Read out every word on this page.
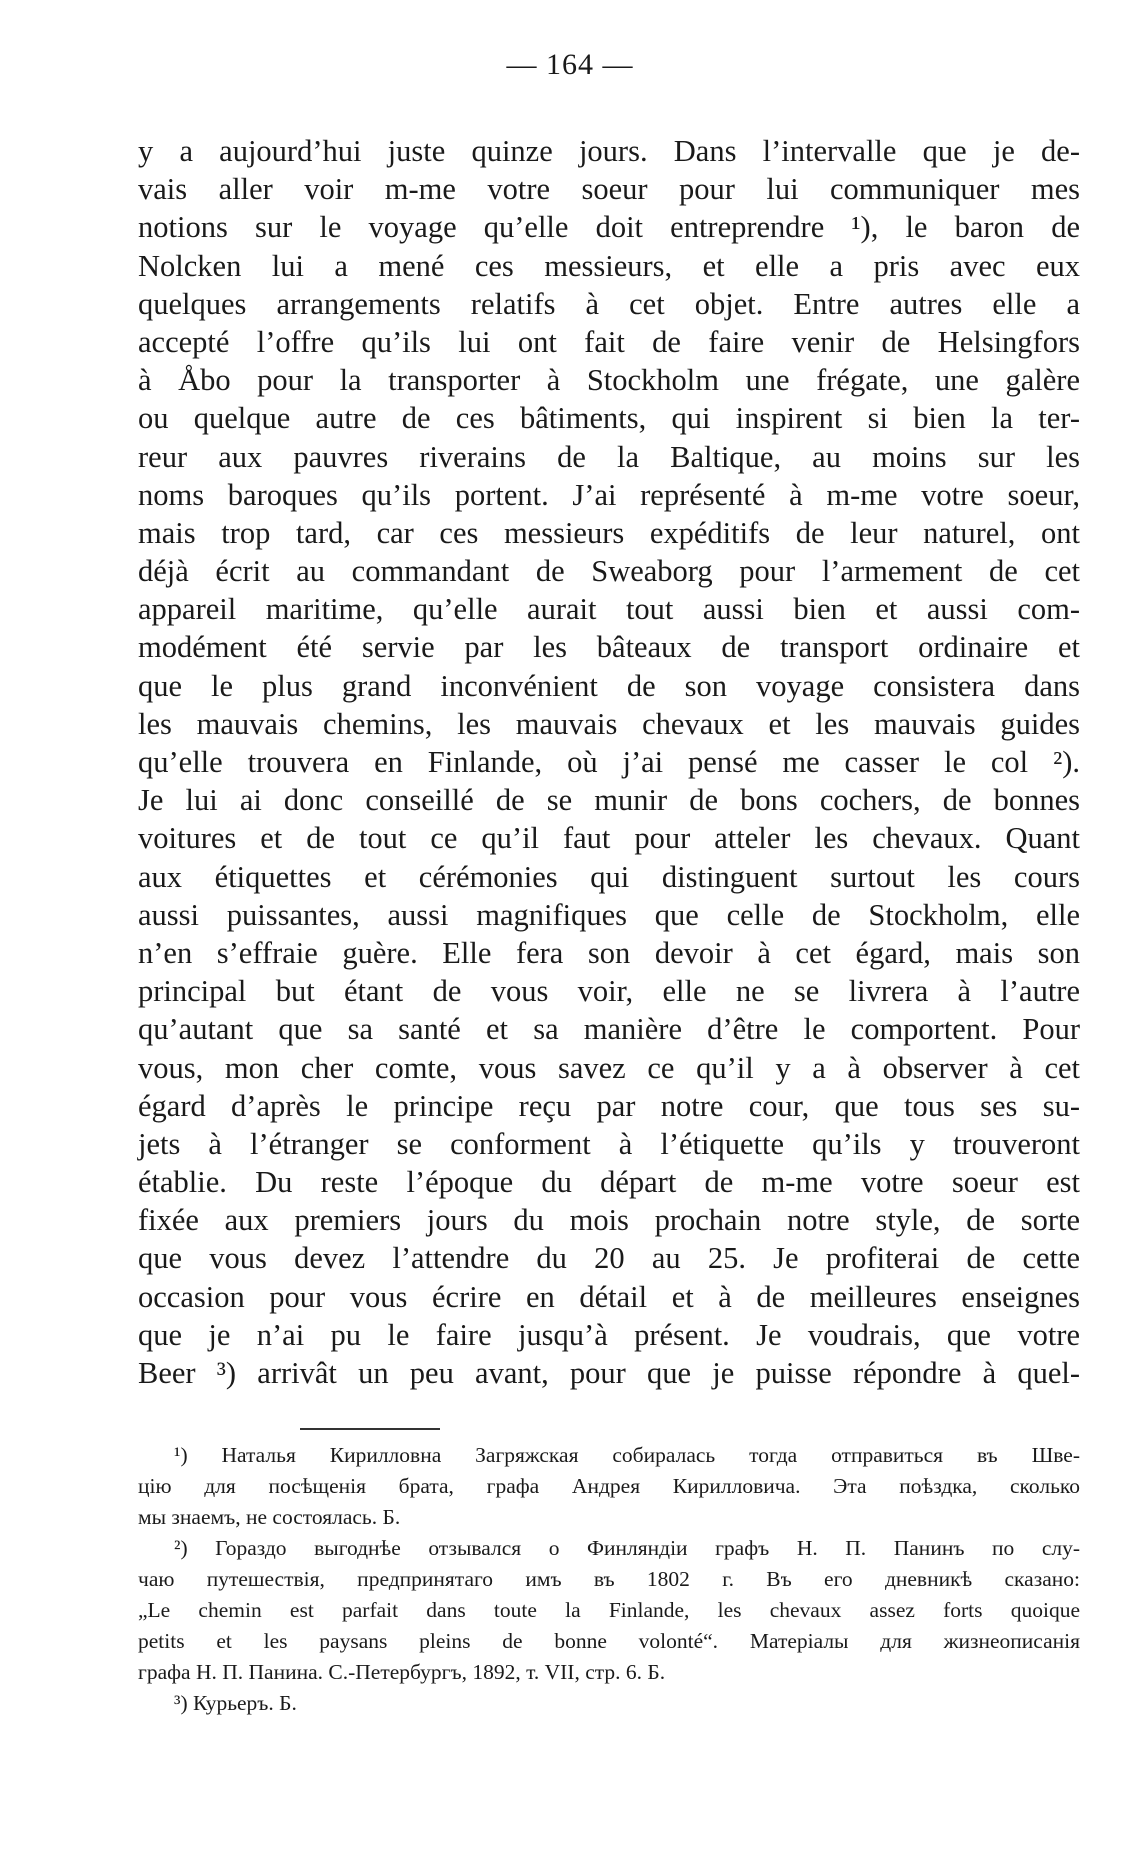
— 164 —
y a aujourd’hui juste quinze jours. Dans l’intervalle que je de-
vais aller voir m-me votre soeur pour lui communiquer mes
notions sur le voyage qu’elle doit entreprendre ¹), le baron de
Nolcken lui a mené ces messieurs, et elle a pris avec eux
quelques arrangements relatifs à cet objet. Entre autres elle a
accepté l’offre qu’ils lui ont fait de faire venir de Helsingfors
à Åbo pour la transporter à Stockholm une frégate, une galère
ou quelque autre de ces bâtiments, qui inspirent si bien la ter-
reur aux pauvres riverains de la Baltique, au moins sur les
noms baroques qu’ils portent. J’ai représenté à m-me votre soeur,
mais trop tard, car ces messieurs expéditifs de leur naturel, ont
déjà écrit au commandant de Sweaborg pour l’armement de cet
appareil maritime, qu’elle aurait tout aussi bien et aussi com-
modément été servie par les bâteaux de transport ordinaire et
que le plus grand inconvénient de son voyage consistera dans
les mauvais chemins, les mauvais chevaux et les mauvais guides
qu’elle trouvera en Finlande, où j’ai pensé me casser le col ²).
Je lui ai donc conseillé de se munir de bons cochers, de bonnes
voitures et de tout ce qu’il faut pour atteler les chevaux. Quant
aux étiquettes et cérémonies qui distinguent surtout les cours
aussi puissantes, aussi magnifiques que celle de Stockholm, elle
n’en s’effraie guère. Elle fera son devoir à cet égard, mais son
principal but étant de vous voir, elle ne se livrera à l’autre
qu’autant que sa santé et sa manière d’être le comportent. Pour
vous, mon cher comte, vous savez ce qu’il y a à observer à cet
égard d’après le principe reçu par notre cour, que tous ses su-
jets à l’étranger se conforment à l’étiquette qu’ils y trouveront
établie. Du reste l’époque du départ de m-me votre soeur est
fixée aux premiers jours du mois prochain notre style, de sorte
que vous devez l’attendre du 20 au 25. Je profiterai de cette
occasion pour vous écrire en détail et à de meilleures enseignes
que je n’ai pu le faire jusqu’à présent. Je voudrais, que votre
Beer ³) arrivât un peu avant, pour que je puisse répondre à quel-
¹) Наталья Кирилловна Загряжская собиралась тогда отправиться въ Шве-
цію для посѣщенія брата, графа Андрея Кирилловича. Эта поѣздка, сколько
мы знаемъ, не состоялась. Б.
²) Гораздо выгоднѣе отзывался о Финляндіи графъ Н. П. Панинъ по слу-
чаю путешествія, предпринятаго имъ въ 1802 г. Въ его дневникѣ сказано:
„Le chemin est parfait dans toute la Finlande, les chevaux assez forts quoique
petits et les paysans pleins de bonne volonté“. Матеріалы для жизнеописанія
графа Н. П. Панина. С.-Петербургъ, 1892, т. VII, стр. 6. Б.
³) Курьеръ. Б.
